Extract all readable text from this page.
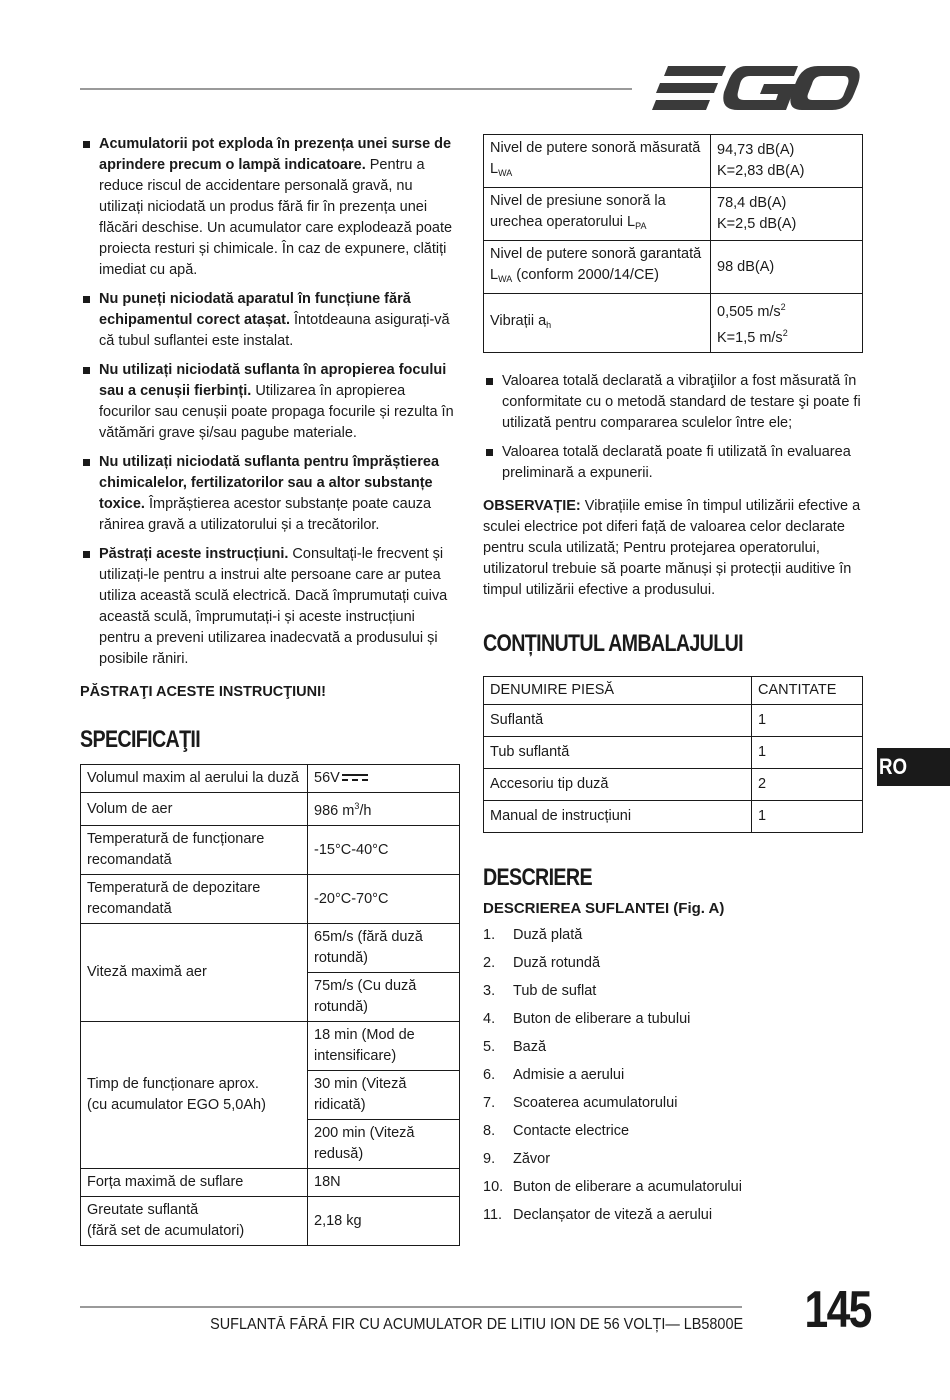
Acumulatorii pot exploda în prezența unei surse de aprindere precum o lampă indicatoare. Pentru a reduce riscul de accidentare personală gravă, nu utilizați niciodată un produs fără fir în prezența unei flăcări deschise. Un acumulator care explodează poate proiecta resturi și chimicale. În caz de expunere, clătiți imediat cu apă.
Nu puneți niciodată aparatul în funcțiune fără echipamentul corect atașat. Întotdeauna asigurați-vă că tubul suflantei este instalat.
Nu utilizați niciodată suflanta în apropierea focului sau a cenușii fierbinți. Utilizarea în apropierea focurilor sau cenușii poate propaga focurile și rezulta în vătămări grave și/sau pagube materiale.
Nu utilizați niciodată suflanta pentru împrăștierea chimicalelor, fertilizatorilor sau a altor substanțe toxice. Împrăștierea acestor substanțe poate cauza rănirea gravă a utilizatorului și a trecătorilor.
Păstrați aceste instrucțiuni. Consultați-le frecvent și utilizați-le pentru a instrui alte persoane care ar putea utiliza această sculă electrică. Dacă împrumutați cuiva această sculă, împrumutați-i și aceste instrucțiuni pentru a preveni utilizarea inadecvată a produsului și posibile răniri.

PĂSTRAŢI ACESTE INSTRUCŢIUNI!

SPECIFICAŢII
Volumul maxim al aerului la duză	56V
Volum de aer	986 $m^3/h$
Temperatură de funcționare recomandată	-15°C-40°C
Temperatură de depozitare recomandată	-20°C-70°C
Viteză maximă aer	65m/s (fără duză rotundă)
	75m/s (Cu duză rotundă)
Timp de funcționare aprox.
(cu acumulator EGO 5,0Ah)	18 min (Mod de intensificare)
	30 min (Viteză ridicată)
	200 min (Viteză redusă)
Forța maximă de suflare	18N
Greutate suflantă
(fără set de acumulatori)	2,18 kg
Nivel de putere sonoră măsurată $L_{WA}$	94,73 dB(A)
K=2,83 dB(A)
Nivel de presiune sonoră la urechea operatorului $L_{PA}$	78,4 dB(A)
K=2,5 dB(A)
Nivel de putere sonoră garantată $L_{WA}$ (conform 2000/14/CE)	98 dB(A)
Vibrații $a_h$	0,505 $m/s^2$
K=1,5 $m/s^2$
Valoarea totală declarată a vibraţiilor a fost măsurată în conformitate cu o metodă standard de testare şi poate fi utilizată pentru compararea sculelor între ele;
Valoarea totală declarată poate fi utilizată în evaluarea preliminară a expunerii.

OBSERVAȚIE: Vibrațiile emise în timpul utilizării efective a sculei electrice pot diferi față de valoarea celor declarate pentru scula utilizată; Pentru protejarea operatorului, utilizatorul trebuie să poarte mănuși și protecții auditive în timpul utilizării efective a produsului.

CONȚINUTUL AMBALAJULUI
DENUMIRE PIESĂ	CANTITATE
Suflantă	1
Tub suflantă	1
Accesoriu tip duză	2
Manual de instrucțiuni	1
DESCRIERE

DESCRIEREA SUFLANTEI (Fig. A)

1.	Duză plată
2.	Duză rotundă
3.	Tub de suflat
4.	Buton de eliberare a tubului
5.	Bază
6.	Admisie a aerului
7.	Scoaterea acumulatorului
8.	Contacte electrice
9.	Zăvor
10. Buton de eliberare a acumulatorului
11. Declanșator de viteză a aerului
RO
SUFLANTĂ FĂRĂ FIR CU ACUMULATOR DE LITIU ION DE 56 VOLȚI— LB5800E 145
